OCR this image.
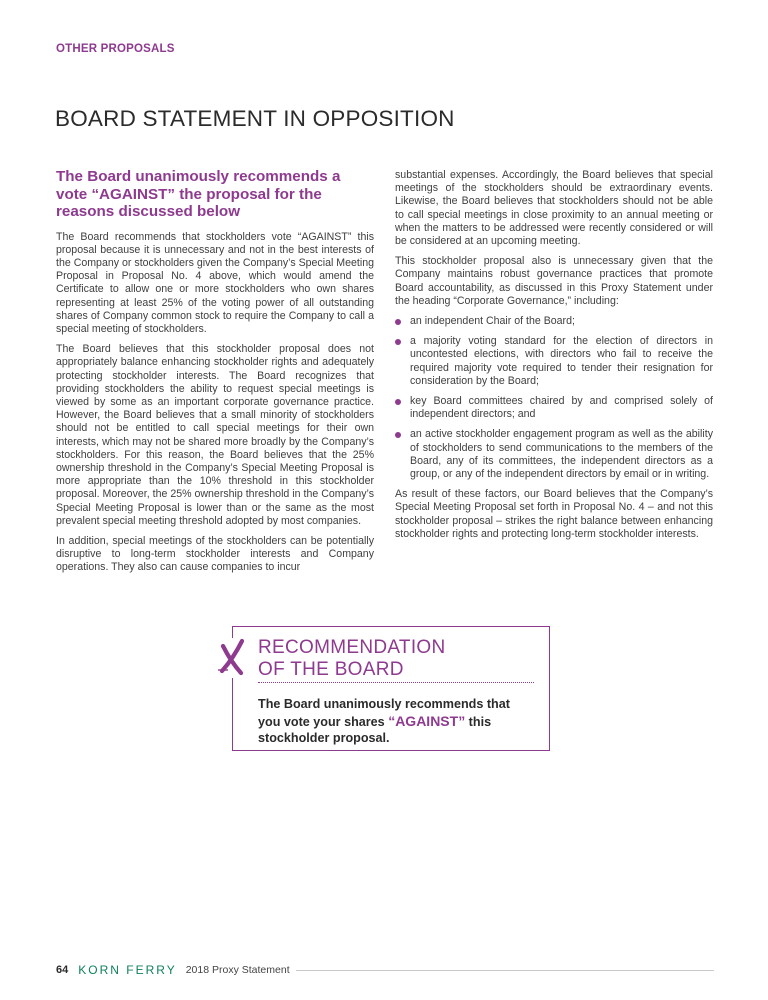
OTHER PROPOSALS
BOARD STATEMENT IN OPPOSITION
The Board unanimously recommends a vote “AGAINST” the proposal for the reasons discussed below

The Board recommends that stockholders vote “AGAINST” this proposal because it is unnecessary and not in the best interests of the Company or stockholders given the Company’s Special Meeting Proposal in Proposal No. 4 above, which would amend the Certificate to allow one or more stockholders who own shares representing at least 25% of the voting power of all outstanding shares of Company common stock to require the Company to call a special meeting of stockholders.

The Board believes that this stockholder proposal does not appropriately balance enhancing stockholder rights and adequately protecting stockholder interests. The Board recognizes that providing stockholders the ability to request special meetings is viewed by some as an important corporate governance practice. However, the Board believes that a small minority of stockholders should not be entitled to call special meetings for their own interests, which may not be shared more broadly by the Company’s stockholders. For this reason, the Board believes that the 25% ownership threshold in the Company’s Special Meeting Proposal is more appropriate than the 10% threshold in this stockholder proposal. Moreover, the 25% ownership threshold in the Company’s Special Meeting Proposal is lower than or the same as the most prevalent special meeting threshold adopted by most companies.

In addition, special meetings of the stockholders can be potentially disruptive to long-term stockholder interests and Company operations. They also can cause companies to incur

substantial expenses. Accordingly, the Board believes that special meetings of the stockholders should be extraordinary events. Likewise, the Board believes that stockholders should not be able to call special meetings in close proximity to an annual meeting or when the matters to be addressed were recently considered or will be considered at an upcoming meeting.

This stockholder proposal also is unnecessary given that the Company maintains robust governance practices that promote Board accountability, as discussed in this Proxy Statement under the heading “Corporate Governance,” including:

an independent Chair of the Board;
a majority voting standard for the election of directors in uncontested elections, with directors who fail to receive the required majority vote required to tender their resignation for consideration by the Board;
key Board committees chaired by and comprised solely of independent directors; and
an active stockholder engagement program as well as the ability of stockholders to send communications to the members of the Board, any of its committees, the independent directors as a group, or any of the independent directors by email or in writing.

As result of these factors, our Board believes that the Company’s Special Meeting Proposal set forth in Proposal No. 4 – and not this stockholder proposal – strikes the right balance between enhancing stockholder rights and protecting long-term stockholder interests.

RECOMMENDATION
OF THE BOARD
The Board unanimously recommends that you vote your shares “AGAINST” this stockholder proposal.
64 KORN FERRY 2018 Proxy Statement
